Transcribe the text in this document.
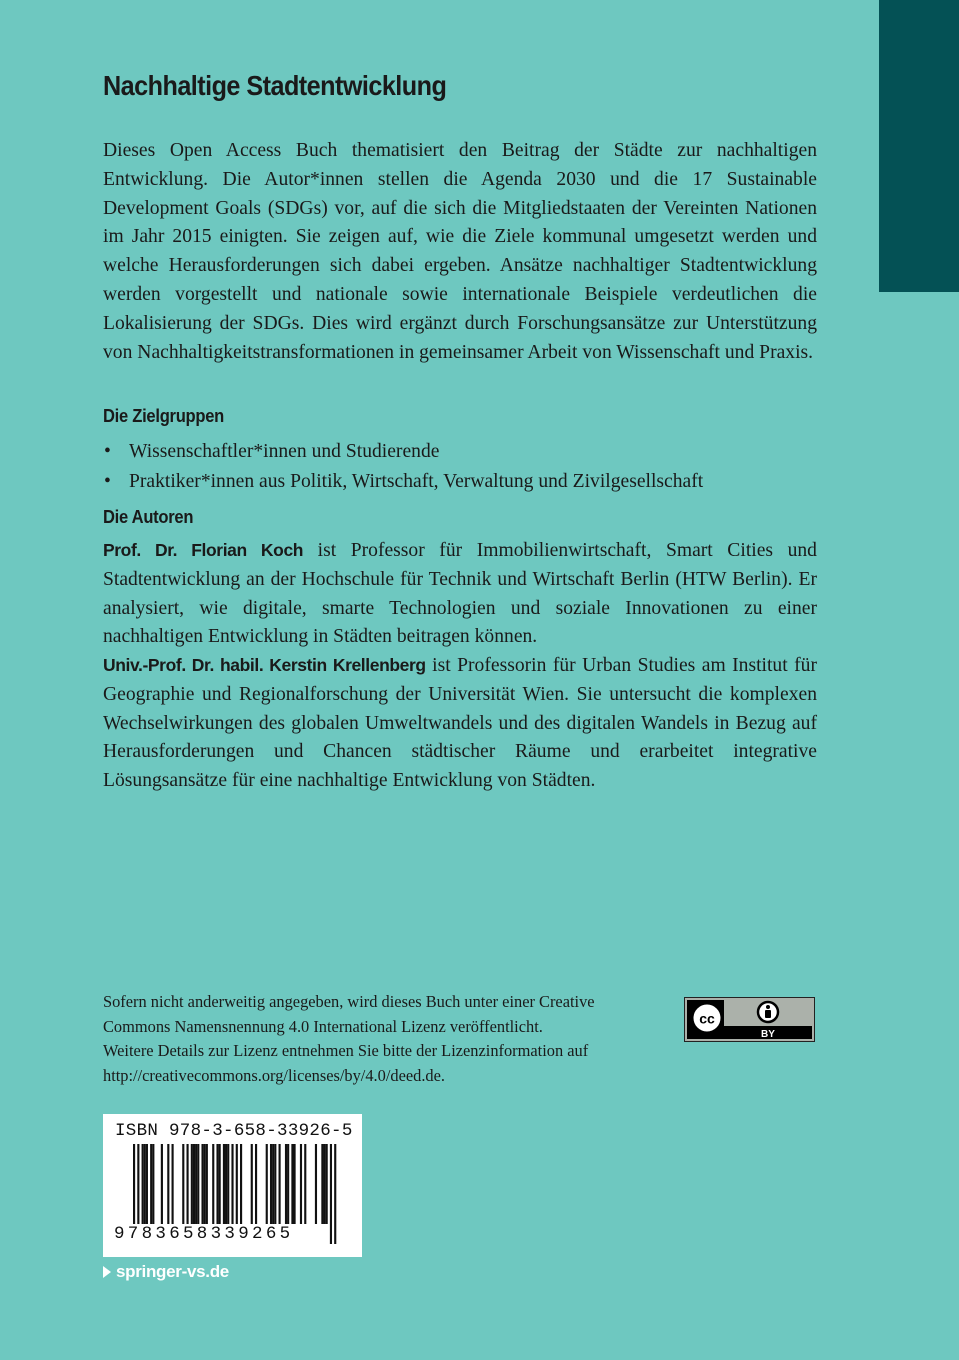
Nachhaltige Stadtentwicklung

Dieses Open Access Buch thematisiert den Beitrag der Städte zur nachhaltigen Entwicklung. Die Autor*innen stellen die Agenda 2030 und die 17 Sustainable Development Goals (SDGs) vor, auf die sich die Mitgliedstaaten der Vereinten Nationen im Jahr 2015 einigten. Sie zeigen auf, wie die Ziele kommunal umgesetzt werden und welche Herausforderungen sich dabei ergeben. Ansätze nachhaltiger Stadtentwicklung werden vorgestellt und nationale sowie internationale Beispiele verdeutlichen die Lokalisierung der SDGs. Dies wird ergänzt durch Forschungsansätze zur Unterstützung von Nachhaltigkeitstransformationen in gemeinsamer Arbeit von Wissenschaft und Praxis.

Die Zielgruppen
• Wissenschaftler*innen und Studierende
• Praktiker*innen aus Politik, Wirtschaft, Verwaltung und Zivilgesellschaft
Die Autoren

Prof. Dr. Florian Koch ist Professor für Immobilienwirtschaft, Smart Cities und Stadtentwicklung an der Hochschule für Technik und Wirtschaft Berlin (HTW Berlin). Er analysiert, wie digitale, smarte Technologien und soziale Innovationen zu einer nachhaltigen Entwicklung in Städten beitragen können.

Univ.-Prof. Dr. habil. Kerstin Krellenberg ist Professorin für Urban Studies am Institut für Geographie und Regionalforschung der Universität Wien. Sie untersucht die komplexen Wechselwirkungen des globalen Umweltwandels und des digitalen Wandels in Bezug auf Herausforderungen und Chancen städtischer Räume und erarbeitet integrative Lösungsansätze für eine nachhaltige Entwicklung von Städten.

Sofern nicht anderweitig angegeben, wird dieses Buch unter einer Creative
Commons Namensnennung 4.0 International Lizenz veröffentlicht.
Weitere Details zur Lizenz entnehmen Sie bitte der Lizenzinformation auf
http://creativecommons.org/licenses/by/4.0/deed.de.
cc
BY
ISBN 978-3-658-33926-5
9783658339265
springer-vs.de
